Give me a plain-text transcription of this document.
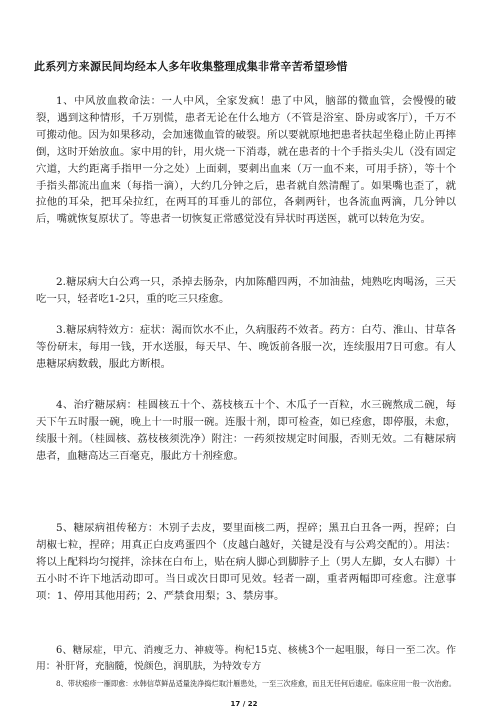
此系列方来源民间均经本人多年收集整理成集非常辛苦希望珍惜

1、中风放血救命法：一人中风，全家发疯！患了中风，脑部的微血管，会慢慢的破裂，遇到这种情形，千万别慌，患者无论在什么地方（不管是浴室、卧房或客厅），千万不可搬动他。因为如果移动，会加速微血管的破裂。所以要就原地把患者扶起坐稳止防止再摔倒，这时开始放血。家中用的针，用火烧一下消毒，就在患者的十个手指头尖儿（没有固定穴道，大约距离手指甲一分之处）上面刺，要刺出血来（万一血不来，可用手挤），等十个手指头都流出血来（每指一滴），大约几分钟之后，患者就自然清醒了。如果嘴也歪了，就拉他的耳朵，把耳朵拉红，在两耳的耳垂儿的部位，各刺两针，也各流血两滴，几分钟以后，嘴就恢复原状了。等患者一切恢复正常感觉没有异状时再送医，就可以转危为安。

2.糖尿病大白公鸡一只，杀掉去肠杂，内加陈醋四两，不加油盐，炖熟吃肉喝汤，三天吃一只，轻者吃1-2只，重的吃三只痊愈。

3.糖尿病特效方：症状：渴而饮水不止，久病服药不效者。药方：白芍、淮山、甘草各等份研末，每用一钱，开水送服，每天早、午、晚饭前各服一次，连续服用7日可愈。有人患糖尿病数载，服此方断根。

4、治疗糖尿病：桂圆核五十个、荔枝核五十个、木瓜子一百粒，水三碗熬成二碗，每天下午五时服一碗，晚上十一时服一碗。连服十剂，即可检查，如已痊愈，即停服，未愈，续服十剂。（桂圆核、荔枝核须洗净）附注：一药须按规定时间服，否则无效。二有糖尿病患者，血糖高达三百毫克，服此方十剂痊愈。

5、糖尿病祖传秘方：木别子去皮，要里面核二两，捏碎；黑丑白丑各一两，捏碎；白胡椒七粒，捏碎；用真正白皮鸡蛋四个（皮越白越好，关键是没有与公鸡交配的）。用法：将以上配料均匀搅拌，涂抹在白布上，贴在病人脚心到脚脖子上（男人左脚，女人右脚）十五小时不许下地活动即可。当日或次日即可见效。轻者一副，重者两幅即可痊愈。注意事项：1、停用其他用药；2、严禁食用梨；3、禁房事。

6、糖尿症，甲亢、消瘦乏力、神疲等。枸杞15克、核桃3个一起咀服，每日一至二次。作用：补肝肾，充脑髓，悦颜色，润肌肤，为特效专方

8、带状疱疹一雁即愈：水韩信草鲜品适量洗净捣烂取汁雁患处，一至三次痊愈，而且无任何后遗症。临床应用一般一次治愈。

17 / 22
